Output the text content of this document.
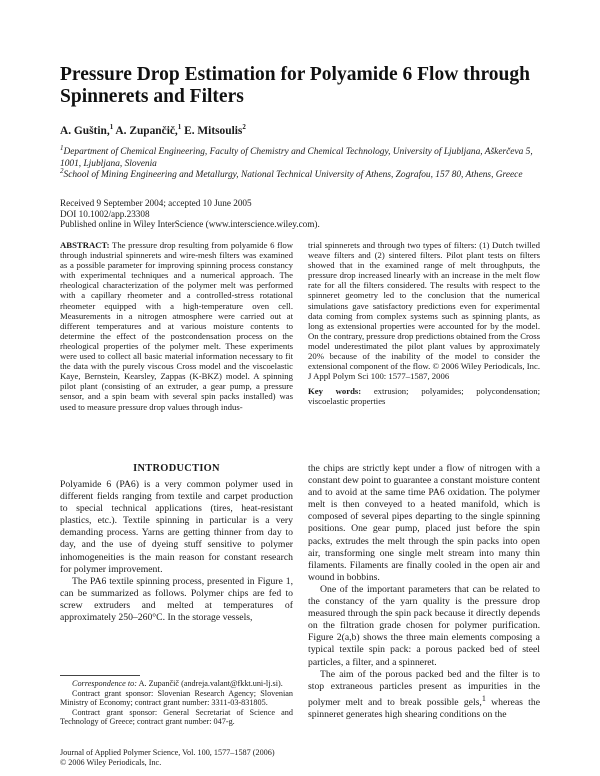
Pressure Drop Estimation for Polyamide 6 Flow through Spinnerets and Filters
A. Guštin,$^1$ A. Zupančič,$^1$ E. Mitsoulis$^2$
$^1$Department of Chemical Engineering, Faculty of Chemistry and Chemical Technology, University of Ljubljana, Aškerčeva 5, 1001, Ljubljana, Slovenia
$^2$School of Mining Engineering and Metallurgy, National Technical University of Athens, Zografou, 157 80, Athens, Greece
Received 9 September 2004; accepted 10 June 2005
DOI 10.1002/app.23308
Published online in Wiley InterScience (www.interscience.wiley.com).

ABSTRACT: The pressure drop resulting from polyamide 6 flow through industrial spinnerets and wire-mesh filters was examined as a possible parameter for improving spinning process constancy with experimental techniques and a numerical approach. The rheological characterization of the polymer melt was performed with a capillary rheometer and a controlled-stress rotational rheometer equipped with a high-temperature oven cell. Measurements in a nitrogen atmosphere were carried out at different temperatures and at various moisture contents to determine the effect of the postcondensation process on the rheological properties of the polymer melt. These experiments were used to collect all basic material information necessary to fit the data with the purely viscous Cross model and the viscoelastic Kaye, Bernstein, Kearsley, Zappas (K-BKZ) model. A spinning pilot plant (consisting of an extruder, a gear pump, a pressure sensor, and a spin beam with several spin packs installed) was used to measure pressure drop values through indus-

trial spinnerets and through two types of filters: (1) Dutch twilled weave filters and (2) sintered filters. Pilot plant tests on filters showed that in the examined range of melt throughputs, the pressure drop increased linearly with an increase in the melt flow rate for all the filters considered. The results with respect to the spinneret geometry led to the conclusion that the numerical simulations gave satisfactory predictions even for experimental data coming from complex systems such as spinning plants, as long as extensional properties were accounted for by the model. On the contrary, pressure drop predictions obtained from the Cross model underestimated the pilot plant values by approximately 20% because of the inability of the model to consider the extensional component of the flow. © 2006 Wiley Periodicals, Inc. J Appl Polym Sci 100: 1577–1587, 2006

Key words: extrusion; polyamides; polycondensation; viscoelastic properties

INTRODUCTION

Polyamide 6 (PA6) is a very common polymer used in different fields ranging from textile and carpet production to special technical applications (tires, heat-resistant plastics, etc.). Textile spinning in particular is a very demanding process. Yarns are getting thinner from day to day, and the use of dyeing stuff sensitive to polymer inhomogeneities is the main reason for constant research for polymer improvement.

The PA6 textile spinning process, presented in Figure 1, can be summarized as follows. Polymer chips are fed to screw extruders and melted at temperatures of approximately 250–260°C. In the storage vessels,

the chips are strictly kept under a flow of nitrogen with a constant dew point to guarantee a constant moisture content and to avoid at the same time PA6 oxidation. The polymer melt is then conveyed to a heated manifold, which is composed of several pipes departing to the single spinning positions. One gear pump, placed just before the spin packs, extrudes the melt through the spin packs into open air, transforming one single melt stream into many thin filaments. Filaments are finally cooled in the open air and wound in bobbins.

One of the important parameters that can be related to the constancy of the yarn quality is the pressure drop measured through the spin pack because it directly depends on the filtration grade chosen for polymer purification. Figure 2(a,b) shows the three main elements composing a typical textile spin pack: a porous packed bed of steel particles, a filter, and a spinneret.

The aim of the porous packed bed and the filter is to stop extraneous particles present as impurities in the polymer melt and to break possible gels,$^1$ whereas the spinneret generates high shearing conditions on the

Correspondence to: A. Zupančič (andreja.valant@fkkt.uni-lj.si).

Contract grant sponsor: Slovenian Research Agency; Slovenian Ministry of Economy; contract grant number: 3311-03-831805.

Contract grant sponsor: General Secretariat of Science and Technology of Greece; contract grant number: 047-g.

Journal of Applied Polymer Science, Vol. 100, 1577–1587 (2006)
© 2006 Wiley Periodicals, Inc.
